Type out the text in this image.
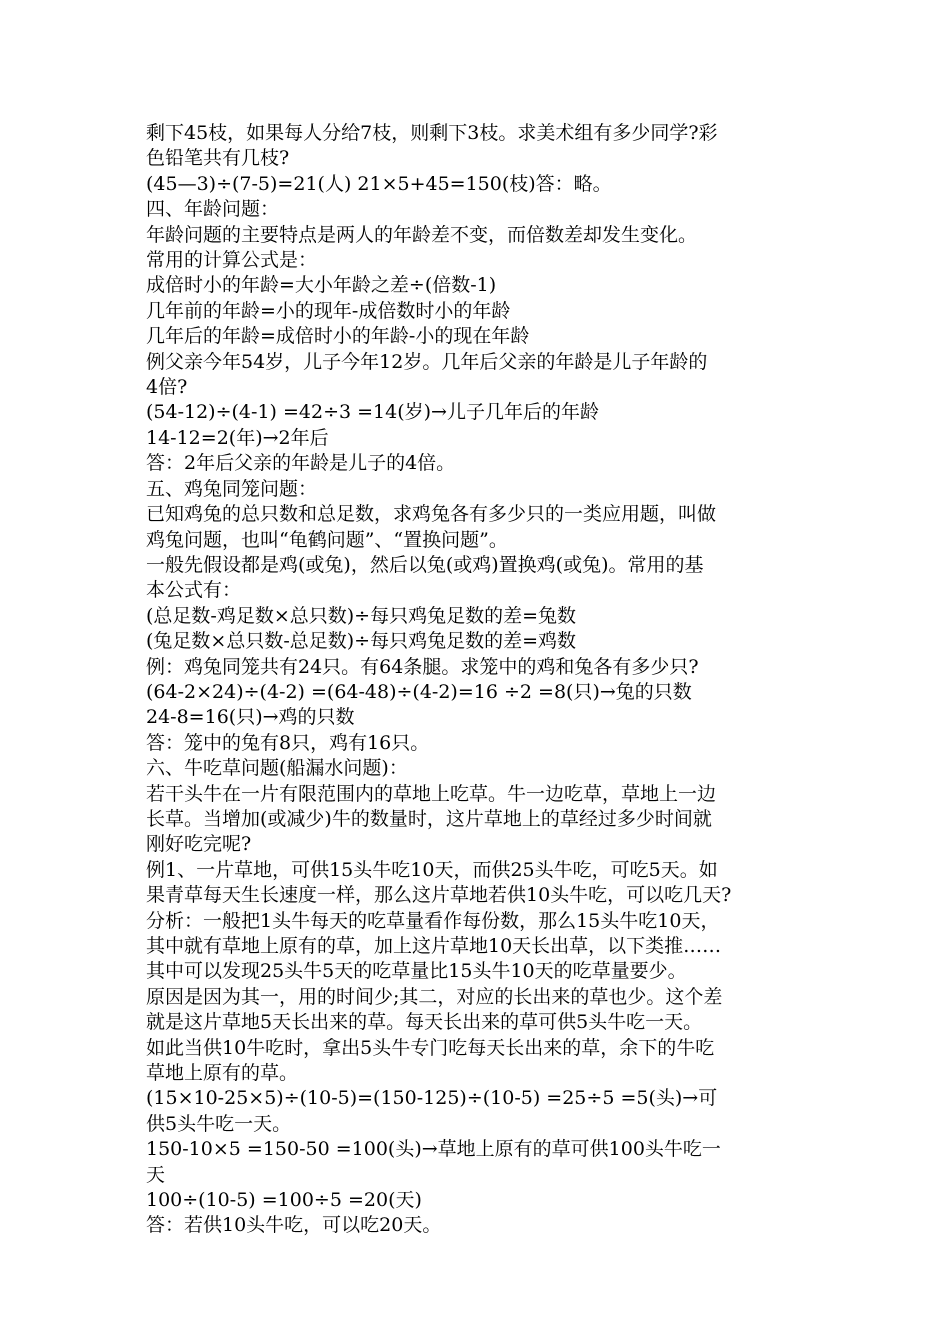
剩下45枝，如果每人分给7枝，则剩下3枝。求美术组有多少同学?彩
色铅笔共有几枝?
(45—3)÷(7-5)=21(人) 21×5+45=150(枝)答：略。
四、年龄问题：
年龄问题的主要特点是两人的年龄差不变，而倍数差却发生变化。
常用的计算公式是：
成倍时小的年龄=大小年龄之差÷(倍数-1)
几年前的年龄=小的现年-成倍数时小的年龄
几年后的年龄=成倍时小的年龄-小的现在年龄
例父亲今年54岁，儿子今年12岁。几年后父亲的年龄是儿子年龄的
4倍?
(54-12)÷(4-1) =42÷3 =14(岁)→儿子几年后的年龄
14-12=2(年)→2年后
答：2年后父亲的年龄是儿子的4倍。
五、鸡兔同笼问题：
已知鸡兔的总只数和总足数，求鸡兔各有多少只的一类应用题，叫做
鸡兔问题，也叫“龟鹤问题”、“置换问题”。
一般先假设都是鸡(或兔)，然后以兔(或鸡)置换鸡(或兔)。常用的基
本公式有：
(总足数-鸡足数×总只数)÷每只鸡兔足数的差=兔数
(兔足数×总只数-总足数)÷每只鸡兔足数的差=鸡数
例：鸡兔同笼共有24只。有64条腿。求笼中的鸡和兔各有多少只?
(64-2×24)÷(4-2) =(64-48)÷(4-2)=16 ÷2 =8(只)→兔的只数
24-8=16(只)→鸡的只数
答：笼中的兔有8只，鸡有16只。
六、牛吃草问题(船漏水问题)：
若干头牛在一片有限范围内的草地上吃草。牛一边吃草，草地上一边
长草。当增加(或减少)牛的数量时，这片草地上的草经过多少时间就
刚好吃完呢?
例1、一片草地，可供15头牛吃10天，而供25头牛吃，可吃5天。如
果青草每天生长速度一样，那么这片草地若供10头牛吃，可以吃几天?
分析：一般把1头牛每天的吃草量看作每份数，那么15头牛吃10天，
其中就有草地上原有的草，加上这片草地10天长出草，以下类推……
其中可以发现25头牛5天的吃草量比15头牛10天的吃草量要少。
原因是因为其一，用的时间少;其二，对应的长出来的草也少。这个差
就是这片草地5天长出来的草。每天长出来的草可供5头牛吃一天。
如此当供10牛吃时，拿出5头牛专门吃每天长出来的草，余下的牛吃
草地上原有的草。
(15×10-25×5)÷(10-5)=(150-125)÷(10-5) =25÷5 =5(头)→可
供5头牛吃一天。
150-10×5 =150-50 =100(头)→草地上原有的草可供100头牛吃一
天
100÷(10-5) =100÷5 =20(天)
答：若供10头牛吃，可以吃20天。
